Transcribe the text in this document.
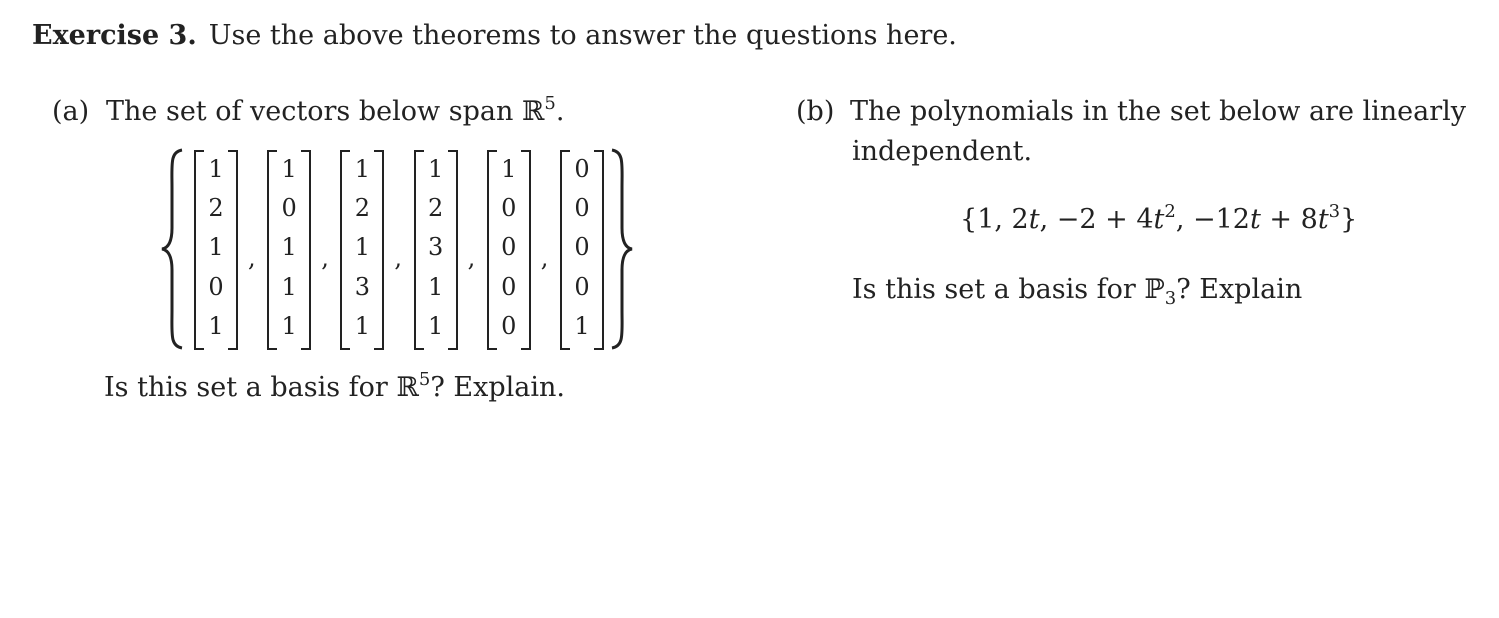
Exercise 3. Use the above theorems to answer the questions here.
(a) The set of vectors below span ℝ$^5$.
1
2
1
0
1
,
1
0
1
1
1
,
1
2
1
3
1
,
1
2
3
1
1
,
1
0
0
0
0
,
0
0
0
0
1
Is this set a basis for ℝ$^5$? Explain.
(b) The polynomials in the set below are linearly
independent.
{1, 2t, $-2 + 4t^2$, $-12t + 8t^3$}
Is this set a basis for ℙ$_3$? Explain
